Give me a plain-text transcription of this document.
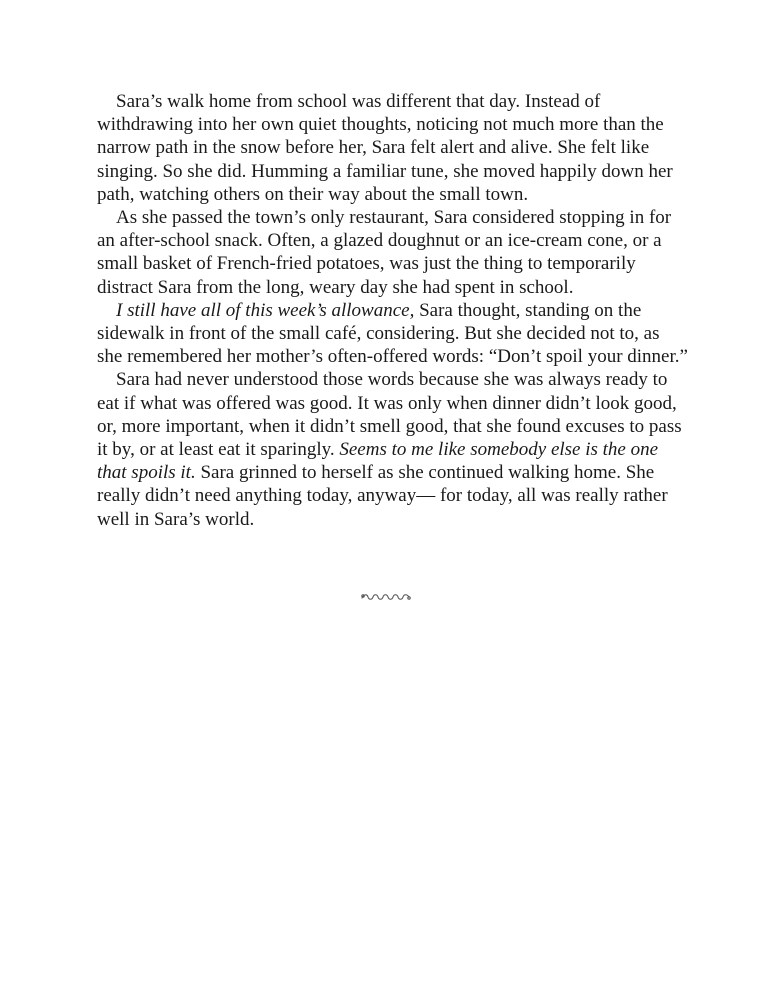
Sara’s walk home from school was different that day. Instead of withdrawing into her own quiet thoughts, noticing not much more than the narrow path in the snow before her, Sara felt alert and alive. She felt like singing. So she did. Humming a familiar tune, she moved happily down her path, watching others on their way about the small town.

As she passed the town’s only restaurant, Sara considered stopping in for an after-school snack. Often, a glazed doughnut or an ice-cream cone, or a small basket of French-fried potatoes, was just the thing to temporarily distract Sara from the long, weary day she had spent in school.

I still have all of this week’s allowance, Sara thought, standing on the sidewalk in front of the small café, considering. But she decided not to, as she remembered her mother’s often-offered words: “Don’t spoil your dinner.”

Sara had never understood those words because she was always ready to eat if what was offered was good. It was only when dinner didn’t look good, or, more important, when it didn’t smell good, that she found excuses to pass it by, or at least eat it sparingly. Seems to me like somebody else is the one that spoils it. Sara grinned to herself as she continued walking home. She really didn’t need anything today, anyway— for today, all was really rather well in Sara’s world.
